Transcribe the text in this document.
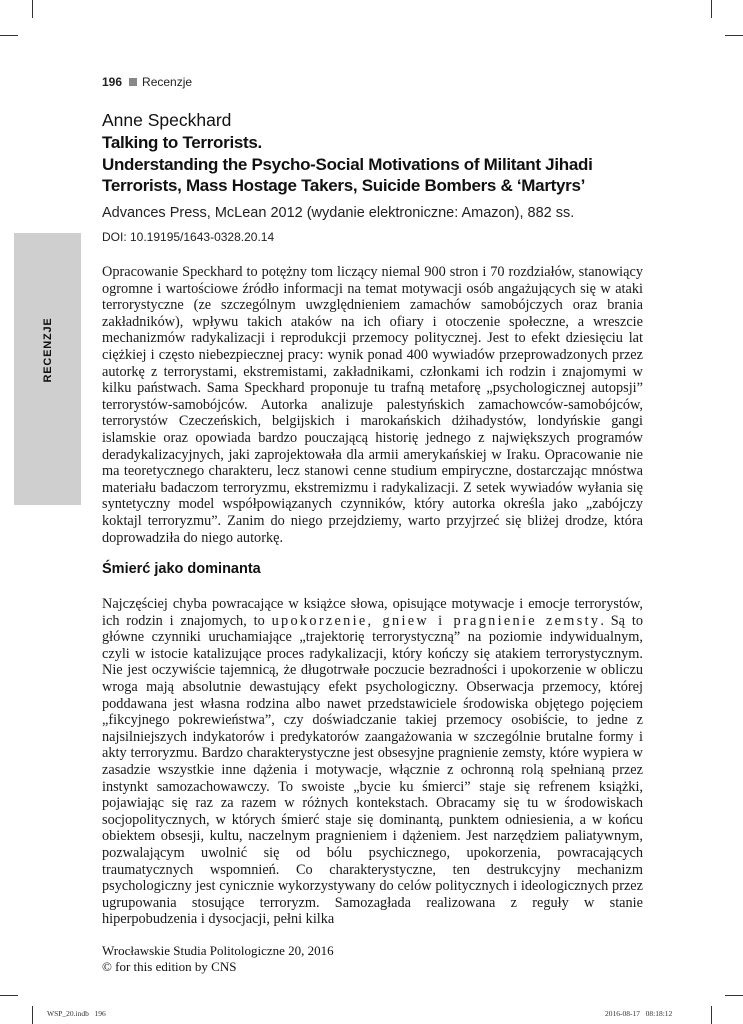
196 Recenzje
Anne Speckhard
Talking to Terrorists.
Understanding the Psycho-Social Motivations of Militant Jihadi
Terrorists, Mass Hostage Takers, Suicide Bombers & ‘Martyrs’
Advances Press, McLean 2012 (wydanie elektroniczne: Amazon), 882 ss.
DOI: 10.19195/1643-0328.20.14
RECENZJE
Opracowanie Speckhard to potężny tom liczący niemal 900 stron i 70 rozdziałów, stanowiący ogromne i wartościowe źródło informacji na temat motywacji osób angażujących się w ataki terrorystyczne (ze szczególnym uwzględnieniem zamachów samobójczych oraz brania zakładników), wpływu takich ataków na ich ofiary i otoczenie społeczne, a wreszcie mechanizmów radykalizacji i reprodukcji przemocy politycznej. Jest to efekt dziesięciu lat ciężkiej i często niebezpiecznej pracy: wynik ponad 400 wywiadów przeprowadzonych przez autorkę z terrorystami, ekstremistami, zakładnikami, członkami ich rodzin i znajomymi w kilku państwach. Sama Speckhard proponuje tu trafną metaforę „psychologicznej autopsji” terrorystów-samobójców. Autorka analizuje palestyńskich zamachowców-samobójców, terrorystów Czeczeńskich, belgijskich i marokańskich dżihadystów, londyńskie gangi islamskie oraz opowiada bardzo pouczającą historię jednego z największych programów deradykalizacyjnych, jaki zaprojektowała dla armii amerykańskiej w Iraku. Opracowanie nie ma teoretycznego charakteru, lecz stanowi cenne studium empiryczne, dostarczając mnóstwa materiału badaczom terroryzmu, ekstremizmu i radykalizacji. Z setek wywiadów wyłania się syntetyczny model współpowiązanych czynników, który autorka określa jako „zabójczy koktajl terroryzmu”. Zanim do niego przejdziemy, warto przyjrzeć się bliżej drodze, która doprowadziła do niego autorkę.
Śmierć jako dominanta
Najczęściej chyba powracające w książce słowa, opisujące motywacje i emocje terrorystów, ich rodzin i znajomych, to upokorzenie, gniew i pragnienie zemsty. Są to główne czynniki uruchamiające „trajektorię terrorystyczną” na poziomie indywidualnym, czyli w istocie katalizujące proces radykalizacji, który kończy się atakiem terrorystycznym. Nie jest oczywiście tajemnicą, że długotrwałe poczucie bezradności i upokorzenie w obliczu wroga mają absolutnie dewastujący efekt psychologiczny. Obserwacja przemocy, której poddawana jest własna rodzina albo nawet przedstawiciele środowiska objętego pojęciem „fikcyjnego pokrewieństwa”, czy doświadczanie takiej przemocy osobiście, to jedne z najsilniejszych indykatorów i predykatorów zaangażowania w szczególnie brutalne formy i akty terroryzmu. Bardzo charakterystyczne jest obsesyjne pragnienie zemsty, które wypiera w zasadzie wszystkie inne dążenia i motywacje, włącznie z ochronną rolą spełnianą przez instynkt samozachowawczy. To swoiste „bycie ku śmierci” staje się refrenem książki, pojawiając się raz za razem w różnych kontekstach. Obracamy się tu w środowiskach socjopolitycznych, w których śmierć staje się dominantą, punktem odniesienia, a w końcu obiektem obsesji, kultu, naczelnym pragnieniem i dążeniem. Jest narzędziem paliatywnym, pozwalającym uwolnić się od bólu psychicznego, upokorzenia, powracających traumatycznych wspomnień. Co charakterystyczne, ten destrukcyjny mechanizm psychologiczny jest cynicznie wykorzystywany do celów politycznych i ideologicznych przez ugrupowania stosujące terroryzm. Samozagłada realizowana z reguły w stanie hiperpobudzenia i dysocjacji, pełni kilka
Wrocławskie Studia Politologiczne 20, 2016
© for this edition by CNS
WSP_20.indb   196	2016-08-17   08:18:12
